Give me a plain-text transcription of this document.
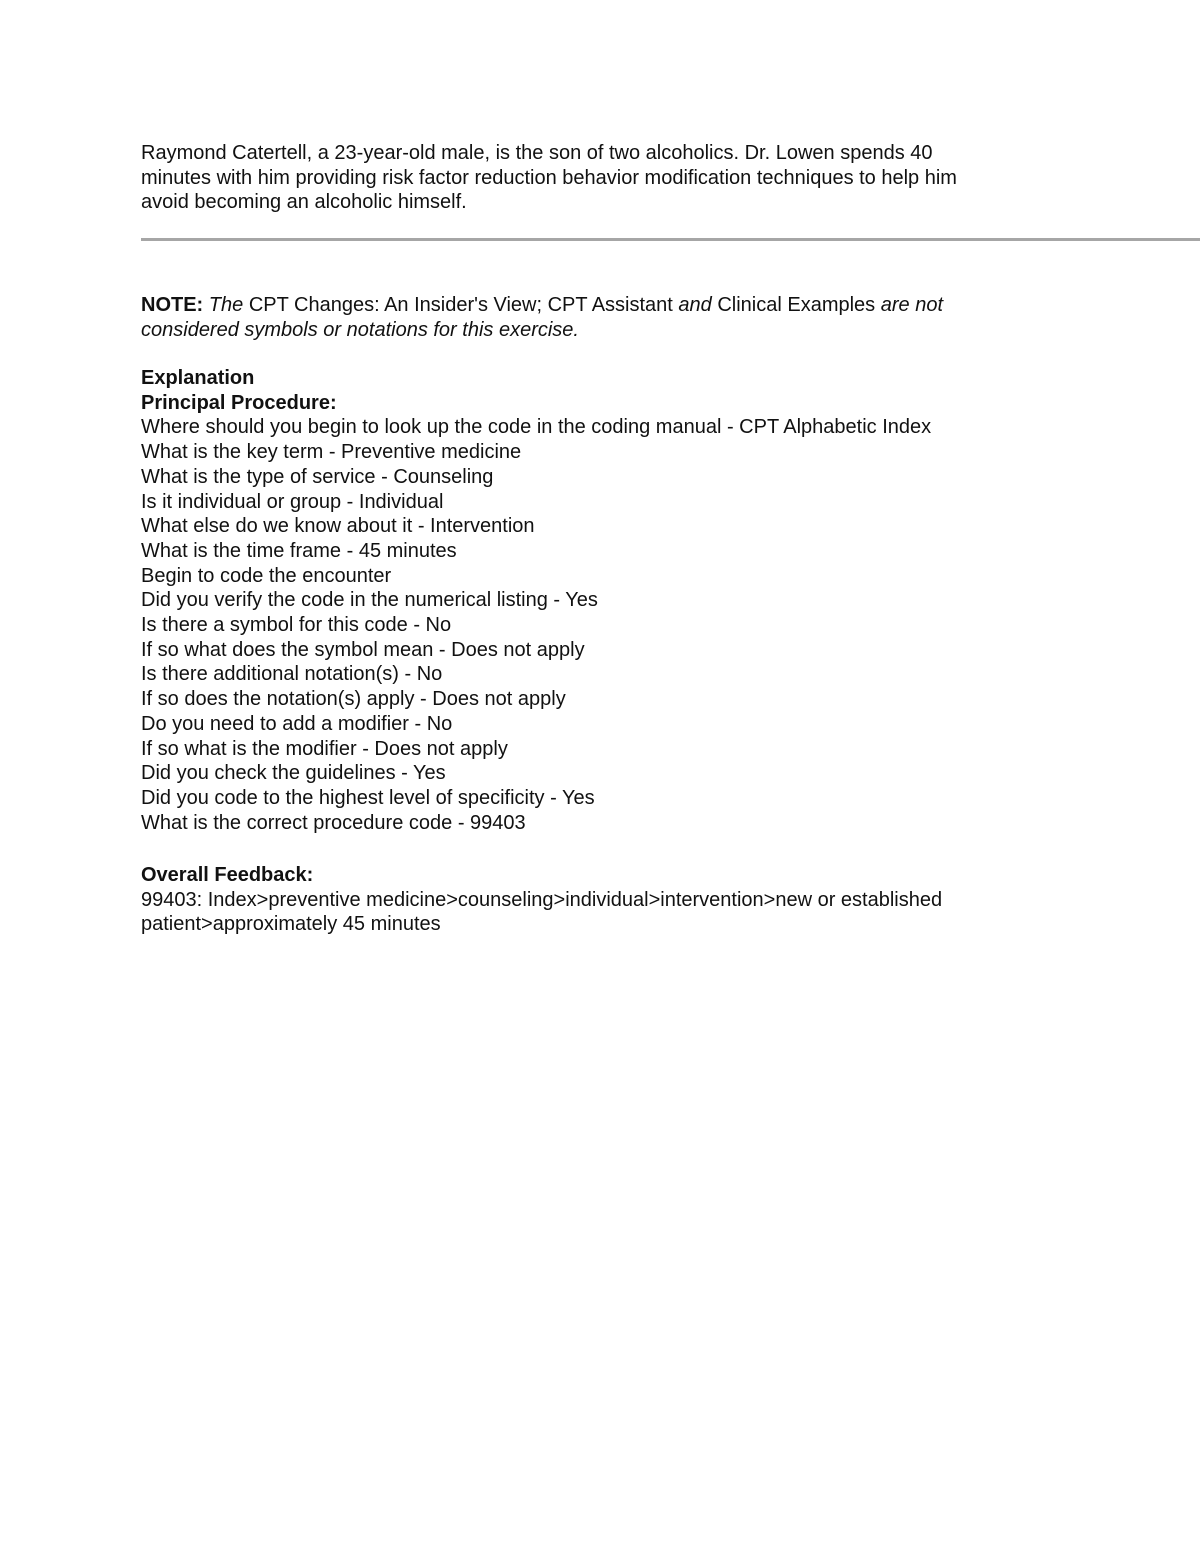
Raymond Catertell, a 23-year-old male, is the son of two alcoholics. Dr. Lowen spends 40
minutes with him providing risk factor reduction behavior modification techniques to help him
avoid becoming an alcoholic himself.

NOTE: The CPT Changes: An Insider's View; CPT Assistant and Clinical Examples are not
considered symbols or notations for this exercise.

Explanation

Principal Procedure:

Where should you begin to look up the code in the coding manual - CPT Alphabetic Index
What is the key term - Preventive medicine
What is the type of service - Counseling
Is it individual or group - Individual
What else do we know about it - Intervention
What is the time frame - 45 minutes
Begin to code the encounter
Did you verify the code in the numerical listing - Yes
Is there a symbol for this code - No
If so what does the symbol mean - Does not apply
Is there additional notation(s) - No
If so does the notation(s) apply - Does not apply
Do you need to add a modifier - No
If so what is the modifier - Does not apply
Did you check the guidelines - Yes
Did you code to the highest level of specificity - Yes
What is the correct procedure code - 99403

Overall Feedback:

99403: Index>preventive medicine>counseling>individual>intervention>new or established
patient>approximately 45 minutes
